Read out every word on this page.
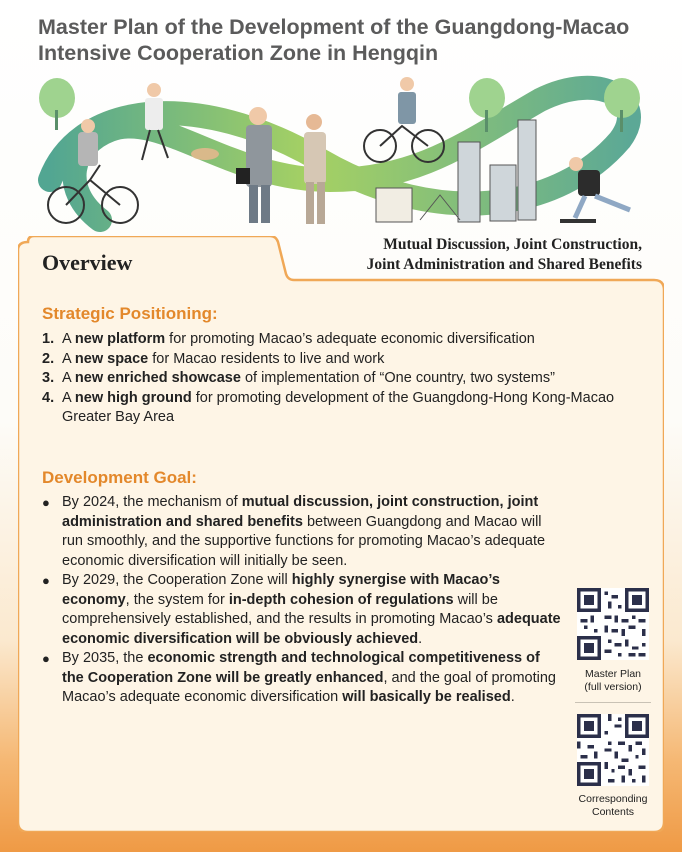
Master Plan of the Development of the Guangdong-Macao
Intensive Cooperation Zone in Hengqin
Mutual Discussion, Joint Construction,
Joint Administration and Shared Benefits
Overview
Strategic Positioning:
1. A new platform for promoting Macao’s adequate economic diversification
2. A new space for Macao residents to live and work
3. A new enriched showcase of implementation of “One country, two systems”
4. A new high ground for promoting development of the Guangdong-Hong Kong-Macao Greater Bay Area
Development Goal:
● By 2024, the mechanism of mutual discussion, joint construction, joint administration and shared benefits between Guangdong and Macao will run smoothly, and the supportive functions for promoting Macao’s adequate economic diversification will initially be seen.
● By 2029, the Cooperation Zone will highly synergise with Macao’s economy, the system for in-depth cohesion of regulations will be comprehensively established, and the results in promoting Macao’s adequate economic diversification will be obviously achieved.
● By 2035, the economic strength and technological competitiveness of the Cooperation Zone will be greatly enhanced, and the goal of promoting Macao’s adequate economic diversification will basically be realised.
Master Plan
(full version)
Corresponding
Contents
